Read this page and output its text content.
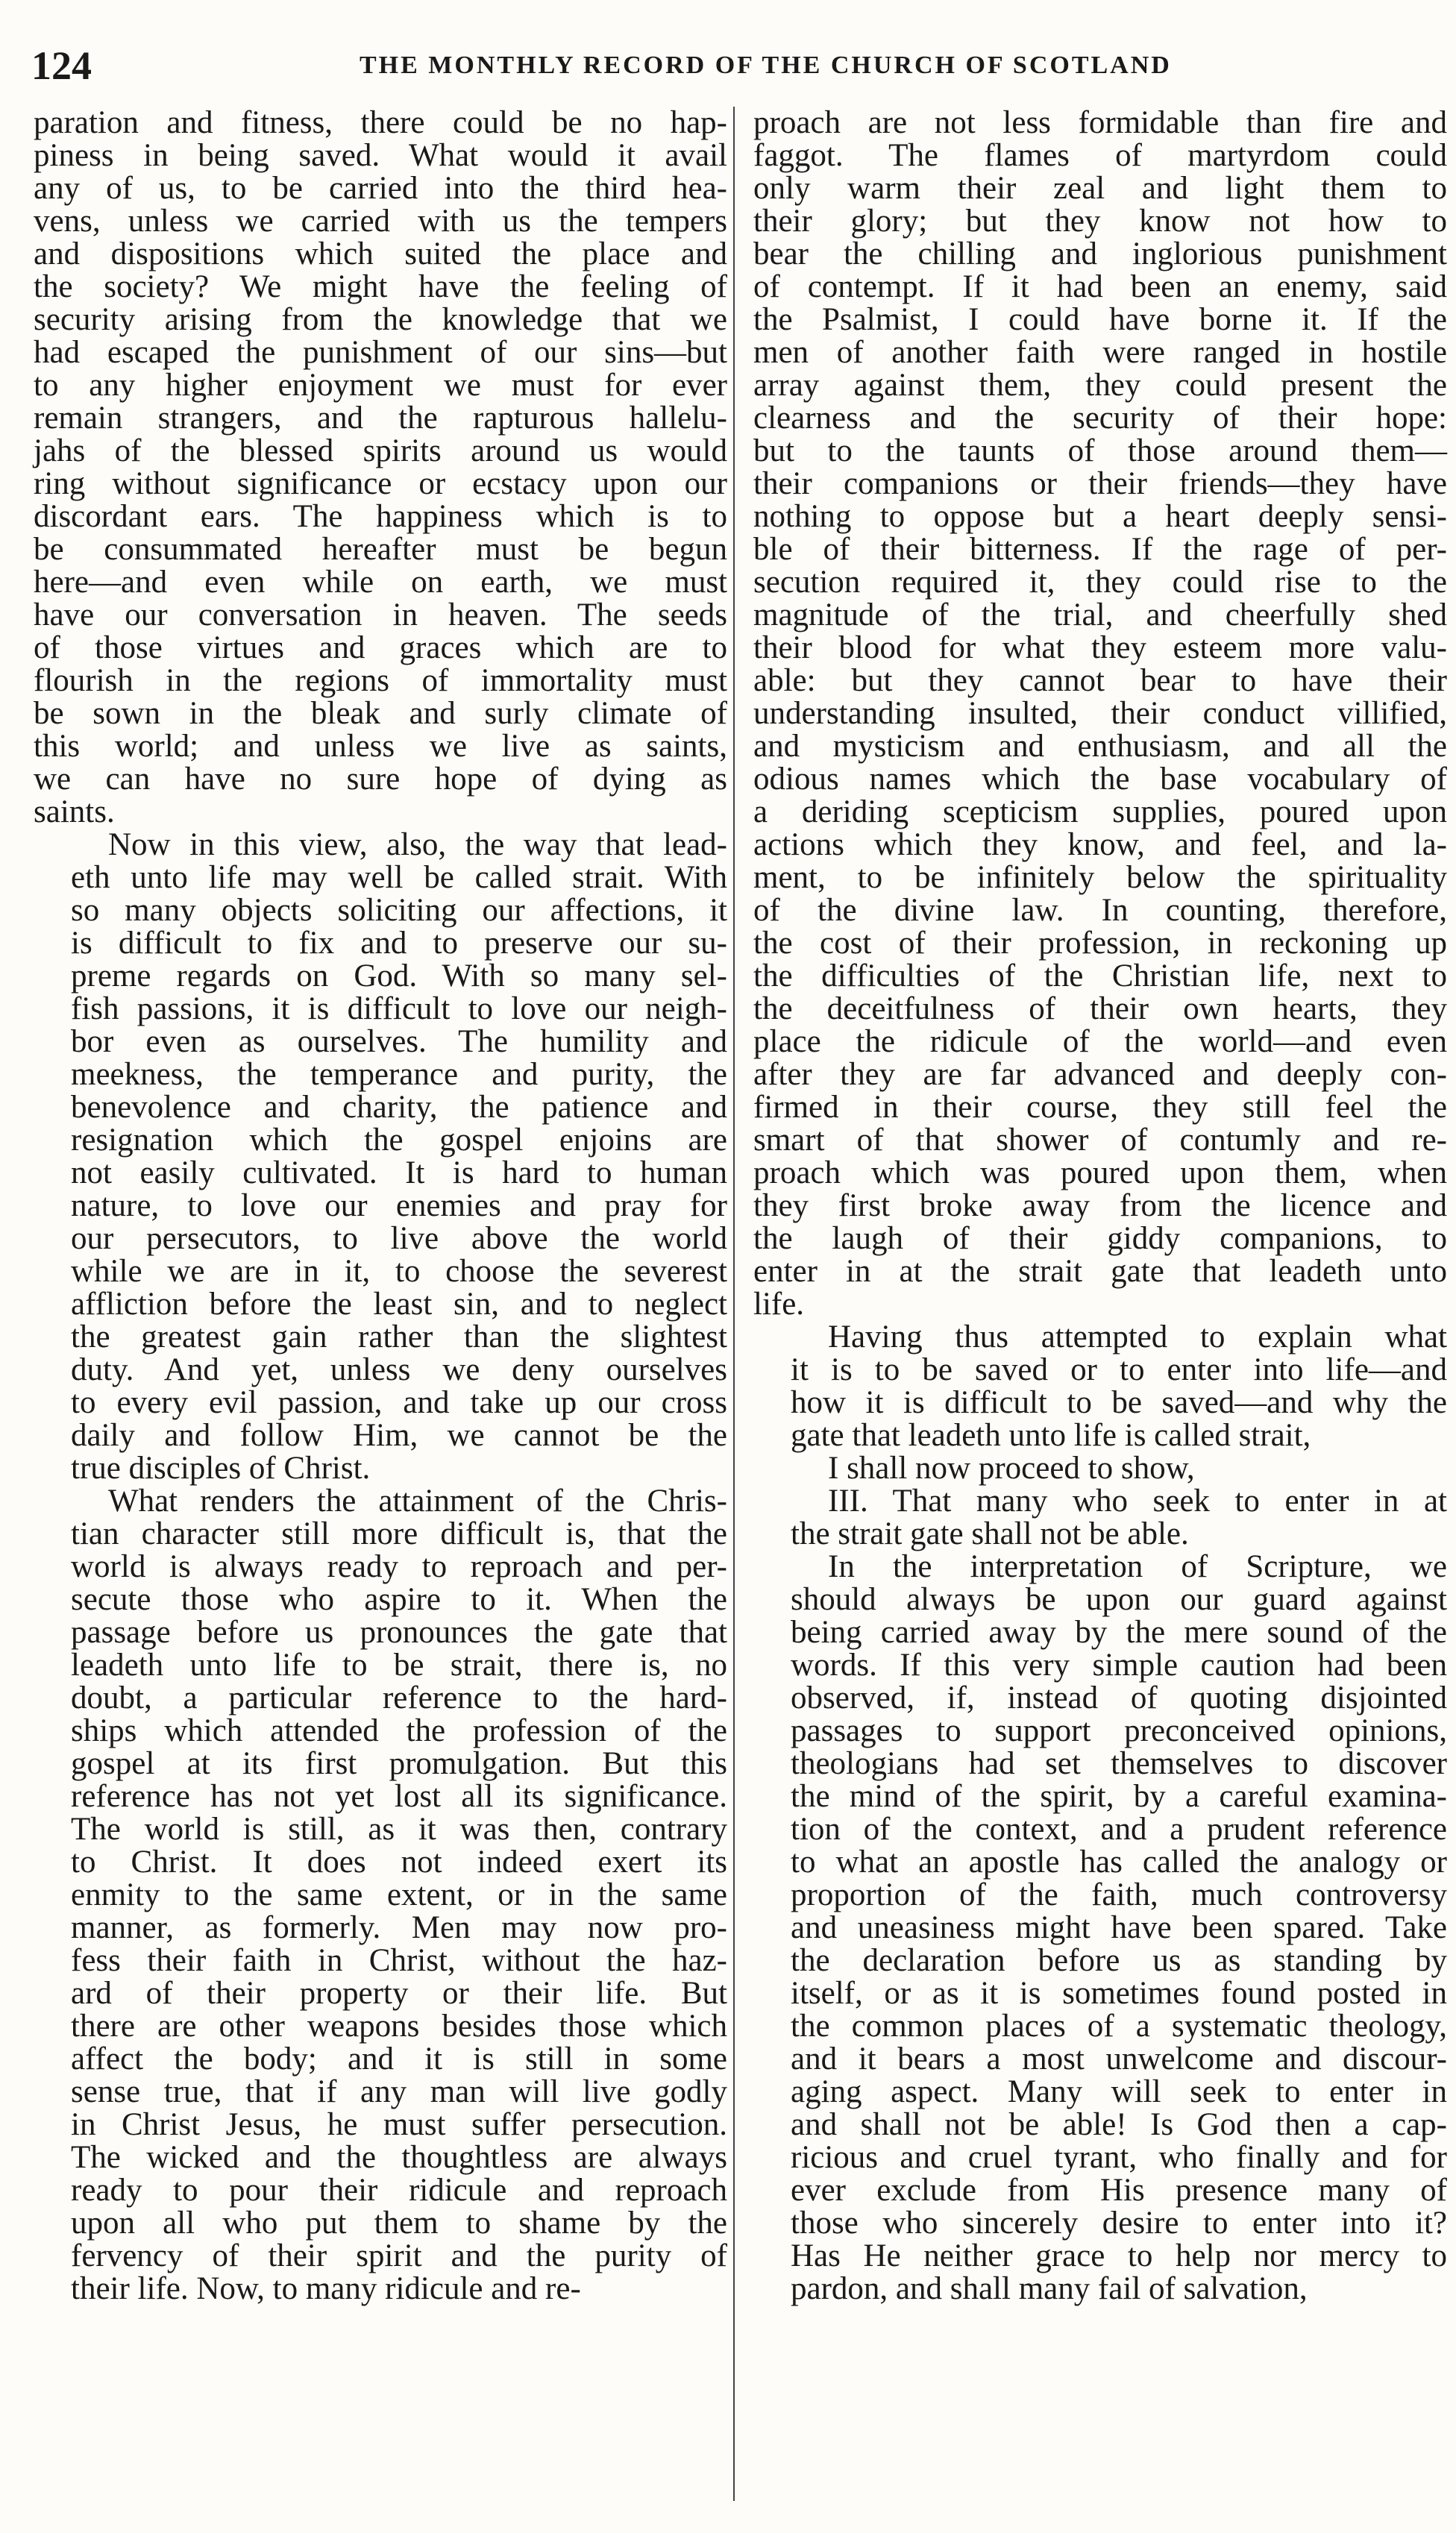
124	THE MONTHLY RECORD OF THE CHURCH OF SCOTLAND
paration and fitness, there could be no hap-
piness in being saved. What would it avail
any of us, to be carried into the third hea-
vens, unless we carried with us the tempers
and dispositions which suited the place and
the society? We might have the feeling of
security arising from the knowledge that we
had escaped the punishment of our sins—but
to any higher enjoyment we must for ever
remain strangers, and the rapturous hallelu-
jahs of the blessed spirits around us would
ring without significance or ecstacy upon our
discordant ears. The happiness which is to
be consummated hereafter must be begun
here—and even while on earth, we must
have our conversation in heaven. The seeds
of those virtues and graces which are to
flourish in the regions of immortality must
be sown in the bleak and surly climate of
this world; and unless we live as saints,
we can have no sure hope of dying as
saints.
Now in this view, also, the way that lead-
eth unto life may well be called strait. With
so many objects soliciting our affections, it
is difficult to fix and to preserve our su-
preme regards on God. With so many sel-
fish passions, it is difficult to love our neigh-
bor even as ourselves. The humility and
meekness, the temperance and purity, the
benevolence and charity, the patience and
resignation which the gospel enjoins are
not easily cultivated. It is hard to human
nature, to love our enemies and pray for
our persecutors, to live above the world
while we are in it, to choose the severest
affliction before the least sin, and to neglect
the greatest gain rather than the slightest
duty. And yet, unless we deny ourselves
to every evil passion, and take up our cross
daily and follow Him, we cannot be the
true disciples of Christ.
What renders the attainment of the Chris-
tian character still more difficult is, that the
world is always ready to reproach and per-
secute those who aspire to it. When the
passage before us pronounces the gate that
leadeth unto life to be strait, there is, no
doubt, a particular reference to the hard-
ships which attended the profession of the
gospel at its first promulgation. But this
reference has not yet lost all its significance.
The world is still, as it was then, contrary
to Christ. It does not indeed exert its
enmity to the same extent, or in the same
manner, as formerly. Men may now pro-
fess their faith in Christ, without the haz-
ard of their property or their life. But
there are other weapons besides those which
affect the body; and it is still in some
sense true, that if any man will live godly
in Christ Jesus, he must suffer persecution.
The wicked and the thoughtless are always
ready to pour their ridicule and reproach
upon all who put them to shame by the
fervency of their spirit and the purity of
their life. Now, to many ridicule and re-
proach are not less formidable than fire and
faggot. The flames of martyrdom could
only warm their zeal and light them to
their glory; but they know not how to
bear the chilling and inglorious punishment
of contempt. If it had been an enemy, said
the Psalmist, I could have borne it. If the
men of another faith were ranged in hostile
array against them, they could present the
clearness and the security of their hope:
but to the taunts of those around them—
their companions or their friends—they have
nothing to oppose but a heart deeply sensi-
ble of their bitterness. If the rage of per-
secution required it, they could rise to the
magnitude of the trial, and cheerfully shed
their blood for what they esteem more valu-
able: but they cannot bear to have their
understanding insulted, their conduct villified,
and mysticism and enthusiasm, and all the
odious names which the base vocabulary of
a deriding scepticism supplies, poured upon
actions which they know, and feel, and la-
ment, to be infinitely below the spirituality
of the divine law. In counting, therefore,
the cost of their profession, in reckoning up
the difficulties of the Christian life, next to
the deceitfulness of their own hearts, they
place the ridicule of the world—and even
after they are far advanced and deeply con-
firmed in their course, they still feel the
smart of that shower of contumly and re-
proach which was poured upon them, when
they first broke away from the licence and
the laugh of their giddy companions, to
enter in at the strait gate that leadeth unto
life.
Having thus attempted to explain what
it is to be saved or to enter into life—and
how it is difficult to be saved—and why the
gate that leadeth unto life is called strait,
I shall now proceed to show,
III. That many who seek to enter in at
the strait gate shall not be able.
In the interpretation of Scripture, we
should always be upon our guard against
being carried away by the mere sound of the
words. If this very simple caution had been
observed, if, instead of quoting disjointed
passages to support preconceived opinions,
theologians had set themselves to discover
the mind of the spirit, by a careful examina-
tion of the context, and a prudent reference
to what an apostle has called the analogy or
proportion of the faith, much controversy
and uneasiness might have been spared. Take
the declaration before us as standing by
itself, or as it is sometimes found posted in
the common places of a systematic theology,
and it bears a most unwelcome and discour-
aging aspect. Many will seek to enter in
and shall not be able! Is God then a cap-
ricious and cruel tyrant, who finally and for
ever exclude from His presence many of
those who sincerely desire to enter into it?
Has He neither grace to help nor mercy to
pardon, and shall many fail of salvation,
